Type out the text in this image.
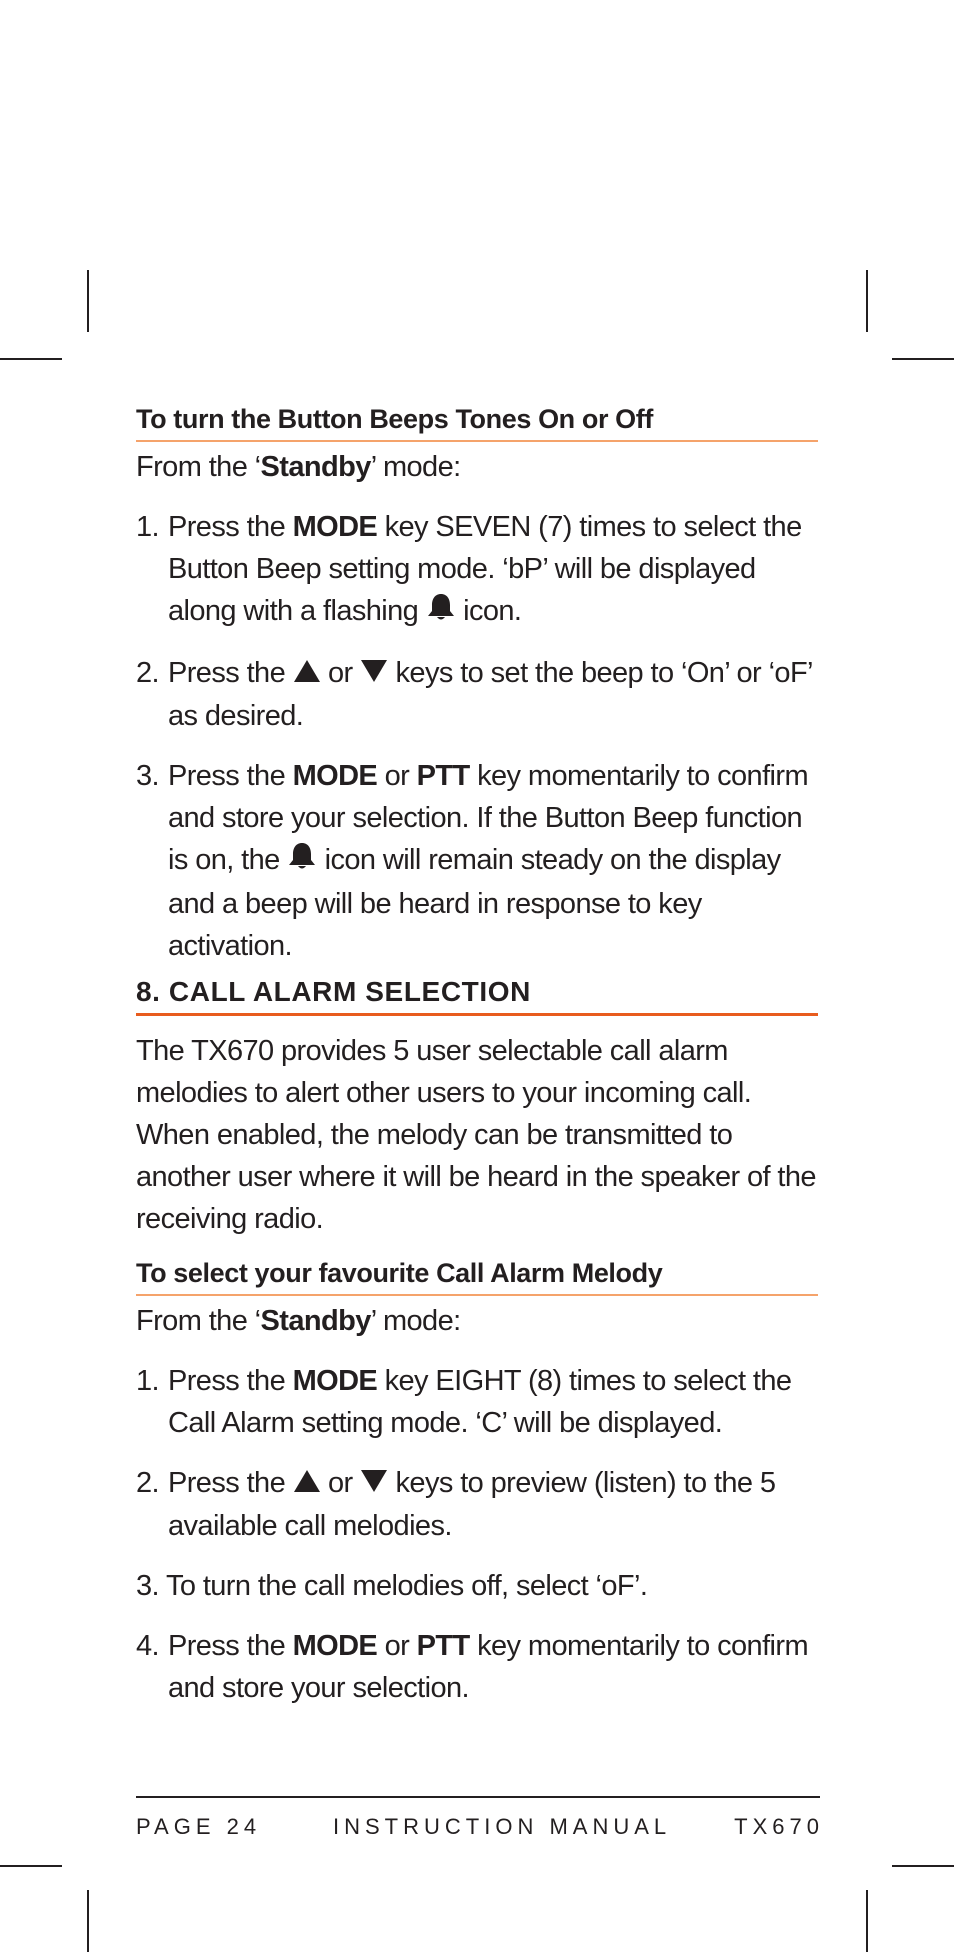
To turn the Button Beeps Tones On or Off

From the ‘Standby’ mode:

1. Press the MODE key SEVEN (7) times to select the Button Beep setting mode. ‘bP’ will be displayed along with a flashing  icon.
2. Press the  or  keys to set the beep to ‘On’ or ‘oF’ as desired.
3. Press the MODE or PTT key momentarily to confirm and store your selection. If the Button Beep function is on, the  icon will remain steady on the display and a beep will be heard in response to key activation.
8. CALL ALARM SELECTION

The TX670 provides 5 user selectable call alarm melodies to alert other users to your incoming call. When enabled, the melody can be transmitted to another user where it will be heard in the speaker of the receiving radio.

To select your favourite Call Alarm Melody

From the ‘Standby’ mode:

1. Press the MODE key EIGHT (8) times to select the Call Alarm setting mode. ‘C’ will be displayed.
2. Press the  or  keys to preview (listen) to the 5 available call melodies.
3. To turn the call melodies off, select ‘oF’.
4. Press the MODE or PTT key momentarily to confirm and store your selection.
PAGE 24	INSTRUCTION MANUAL	TX670
